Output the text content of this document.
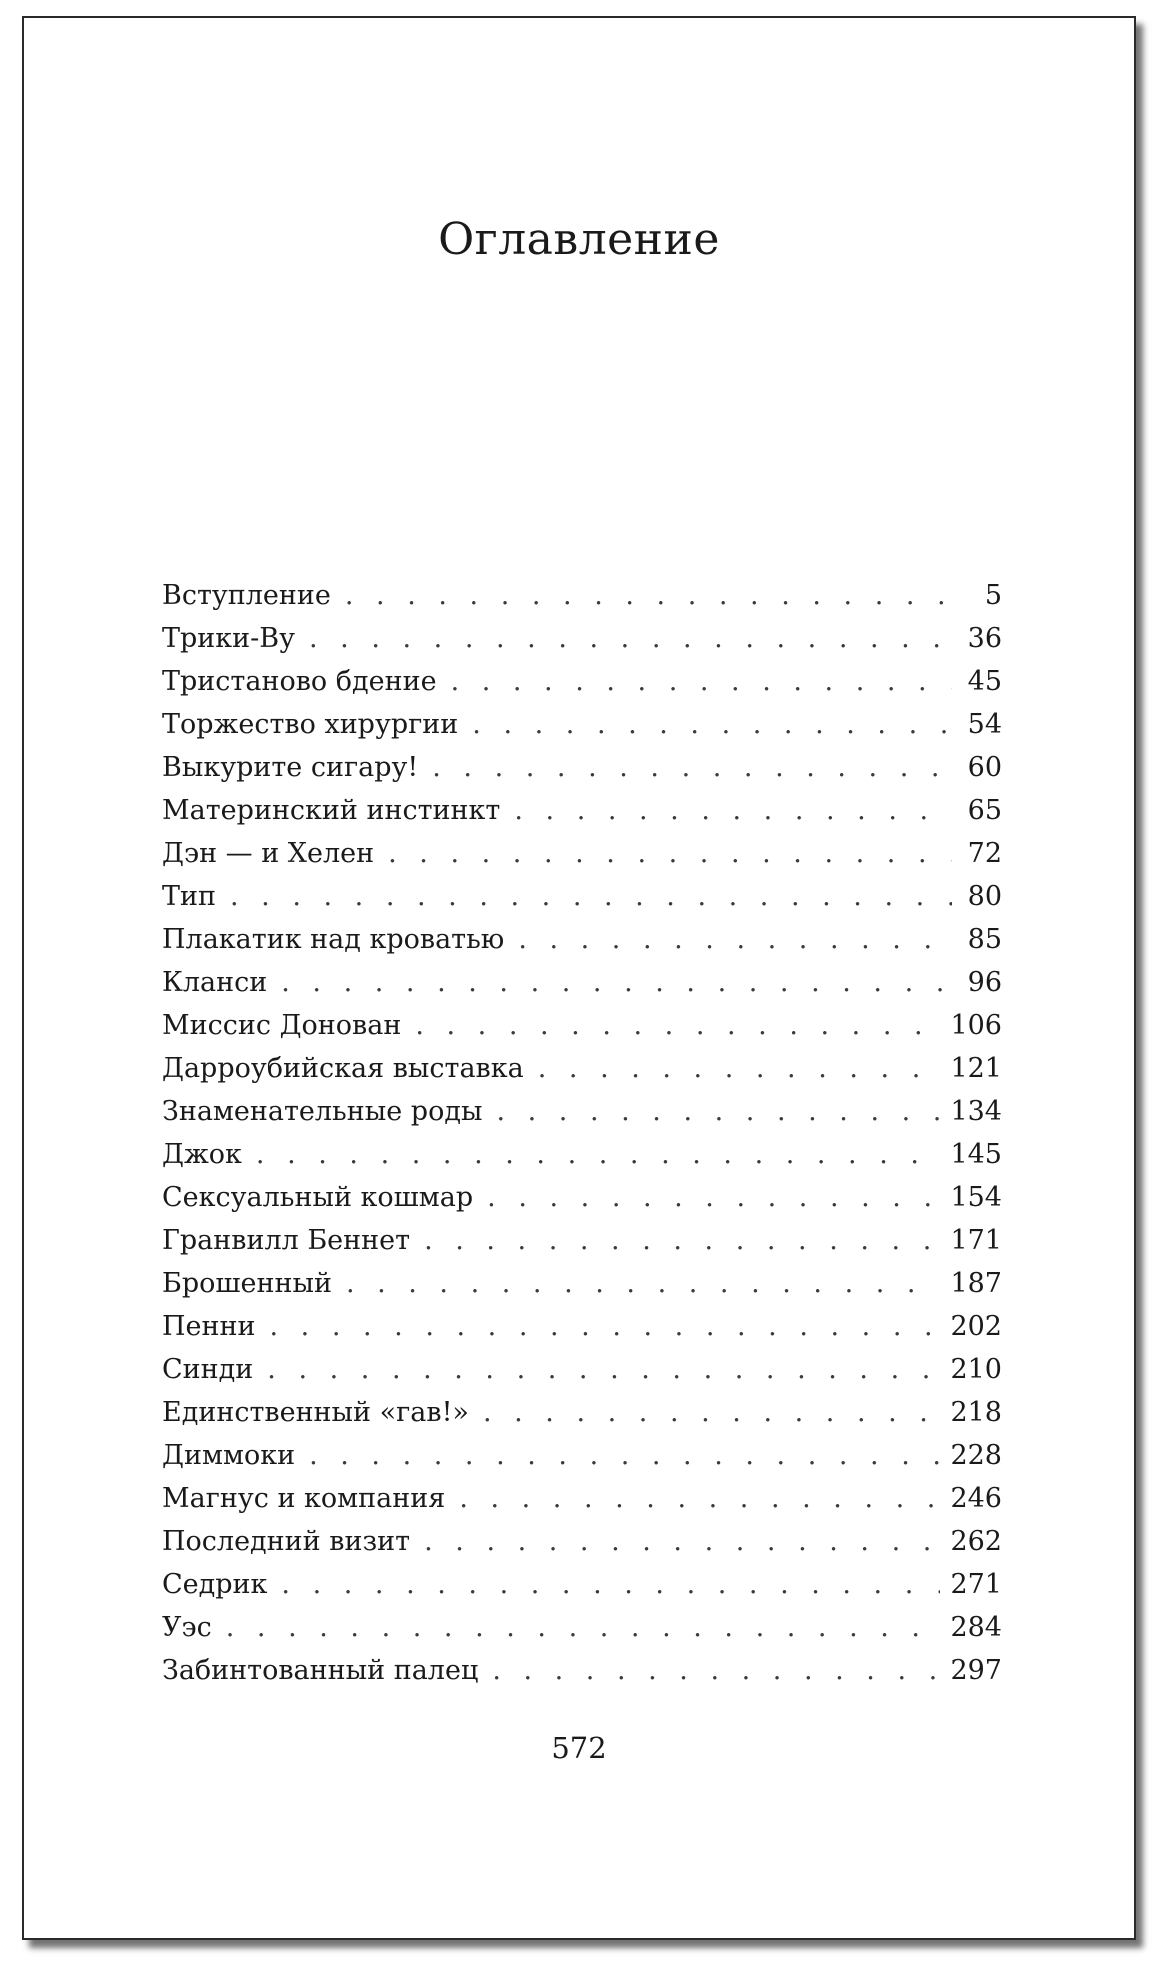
Оглавление
Вступление . . .	5
Трики-Ву . . .	36
Тристаново бдение . . .	45
Торжество хирургии . . .	54
Выкурите сигару! . . .	60
Материнский инстинкт . . .	65
Дэн — и Хелен . . .	72
Тип . . .	80
Плакатик над кроватью . . .	85
Кланси . . .	96
Миссис Донован . . .	106
Дарроубийская выставка . . .	121
Знаменательные роды . . .	134
Джок . . .	145
Сексуальный кошмар . . .	154
Гранвилл Беннет . . .	171
Брошенный . . .	187
Пенни . . .	202
Синди . . .	210
Единственный «гав!» . . .	218
Диммоки . . .	228
Магнус и компания . . .	246
Последний визит . . .	262
Седрик . . .	271
Уэс . . .	284
Забинтованный палец . . .	297
572
